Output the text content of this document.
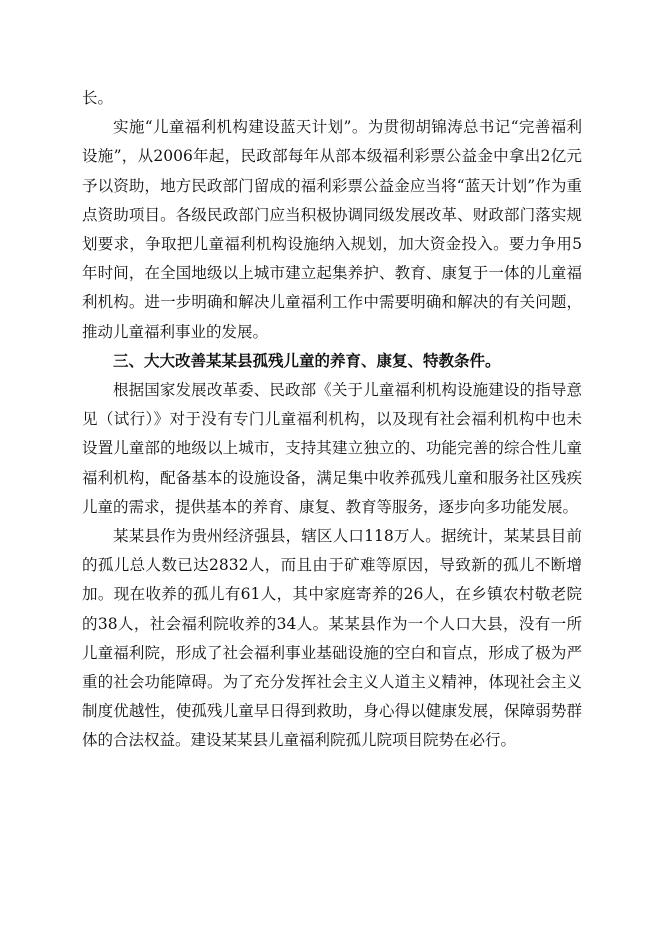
长。

实施“儿童福利机构建设蓝天计划”。为贯彻胡锦涛总书记“完善福利设施”，从2006年起，民政部每年从部本级福利彩票公益金中拿出2亿元予以资助，地方民政部门留成的福利彩票公益金应当将“蓝天计划”作为重点资助项目。各级民政部门应当积极协调同级发展改革、财政部门落实规划要求，争取把儿童福利机构设施纳入规划，加大资金投入。要力争用5年时间，在全国地级以上城市建立起集养护、教育、康复于一体的儿童福利机构。进一步明确和解决儿童福利工作中需要明确和解决的有关问题，推动儿童福利事业的发展。

三、大大改善某某县孤残儿童的养育、康复、特教条件。

根据国家发展改革委、民政部《关于儿童福利机构设施建设的指导意见（试行）》对于没有专门儿童福利机构，以及现有社会福利机构中也未设置儿童部的地级以上城市，支持其建立独立的、功能完善的综合性儿童福利机构，配备基本的设施设备，满足集中收养孤残儿童和服务社区残疾儿童的需求，提供基本的养育、康复、教育等服务，逐步向多功能发展。

某某县作为贵州经济强县，辖区人口118万人。据统计，某某县目前的孤儿总人数已达2832人，而且由于矿难等原因，导致新的孤儿不断增加。现在收养的孤儿有61人，其中家庭寄养的26人，在乡镇农村敬老院的38人，社会福利院收养的34人。某某县作为一个人口大县，没有一所儿童福利院，形成了社会福利事业基础设施的空白和盲点，形成了极为严重的社会功能障碍。为了充分发挥社会主义人道主义精神，体现社会主义制度优越性，使孤残儿童早日得到救助，身心得以健康发展，保障弱势群体的合法权益。建设某某县儿童福利院孤儿院项目院势在必行。
